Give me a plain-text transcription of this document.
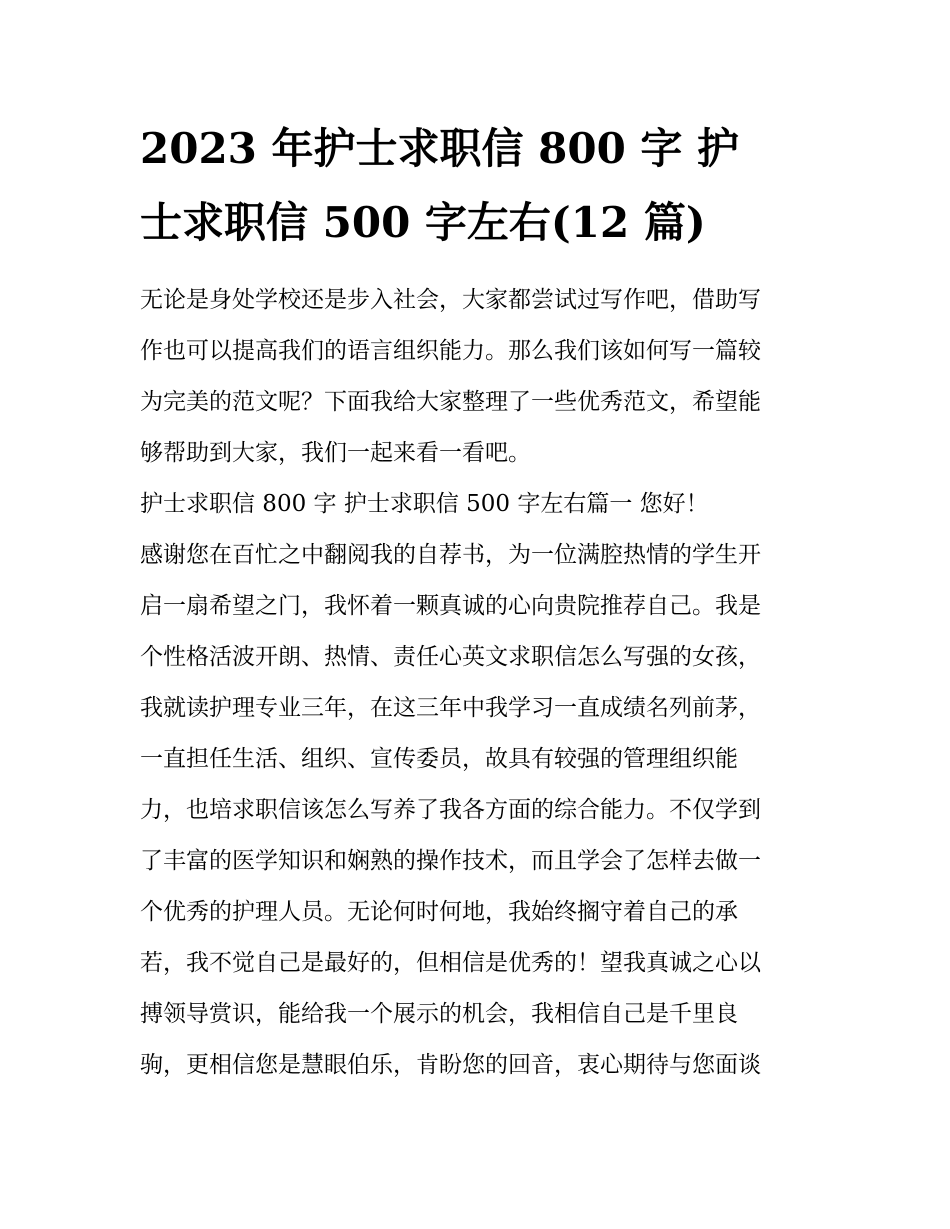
2023 年护士求职信 800 字 护
士求职信 500 字左右(12 篇)
无论是身处学校还是步入社会，大家都尝试过写作吧，借助写
作也可以提高我们的语言组织能力。那么我们该如何写一篇较
为完美的范文呢？下面我给大家整理了一些优秀范文，希望能
够帮助到大家，我们一起来看一看吧。
护士求职信 800 字 护士求职信 500 字左右篇一 您好！
感谢您在百忙之中翻阅我的自荐书，为一位满腔热情的学生开
启一扇希望之门，我怀着一颗真诚的心向贵院推荐自己。我是
个性格活波开朗、热情、责任心英文求职信怎么写强的女孩，
我就读护理专业三年，在这三年中我学习一直成绩名列前茅，
一直担任生活、组织、宣传委员，故具有较强的管理组织能
力，也培求职信该怎么写养了我各方面的综合能力。不仅学到
了丰富的医学知识和娴熟的操作技术，而且学会了怎样去做一
个优秀的护理人员。无论何时何地，我始终搁守着自己的承
若，我不觉自己是最好的，但相信是优秀的！望我真诚之心以
搏领导赏识，能给我一个展示的机会，我相信自己是千里良
驹，更相信您是慧眼伯乐，肯盼您的回音，衷心期待与您面谈
